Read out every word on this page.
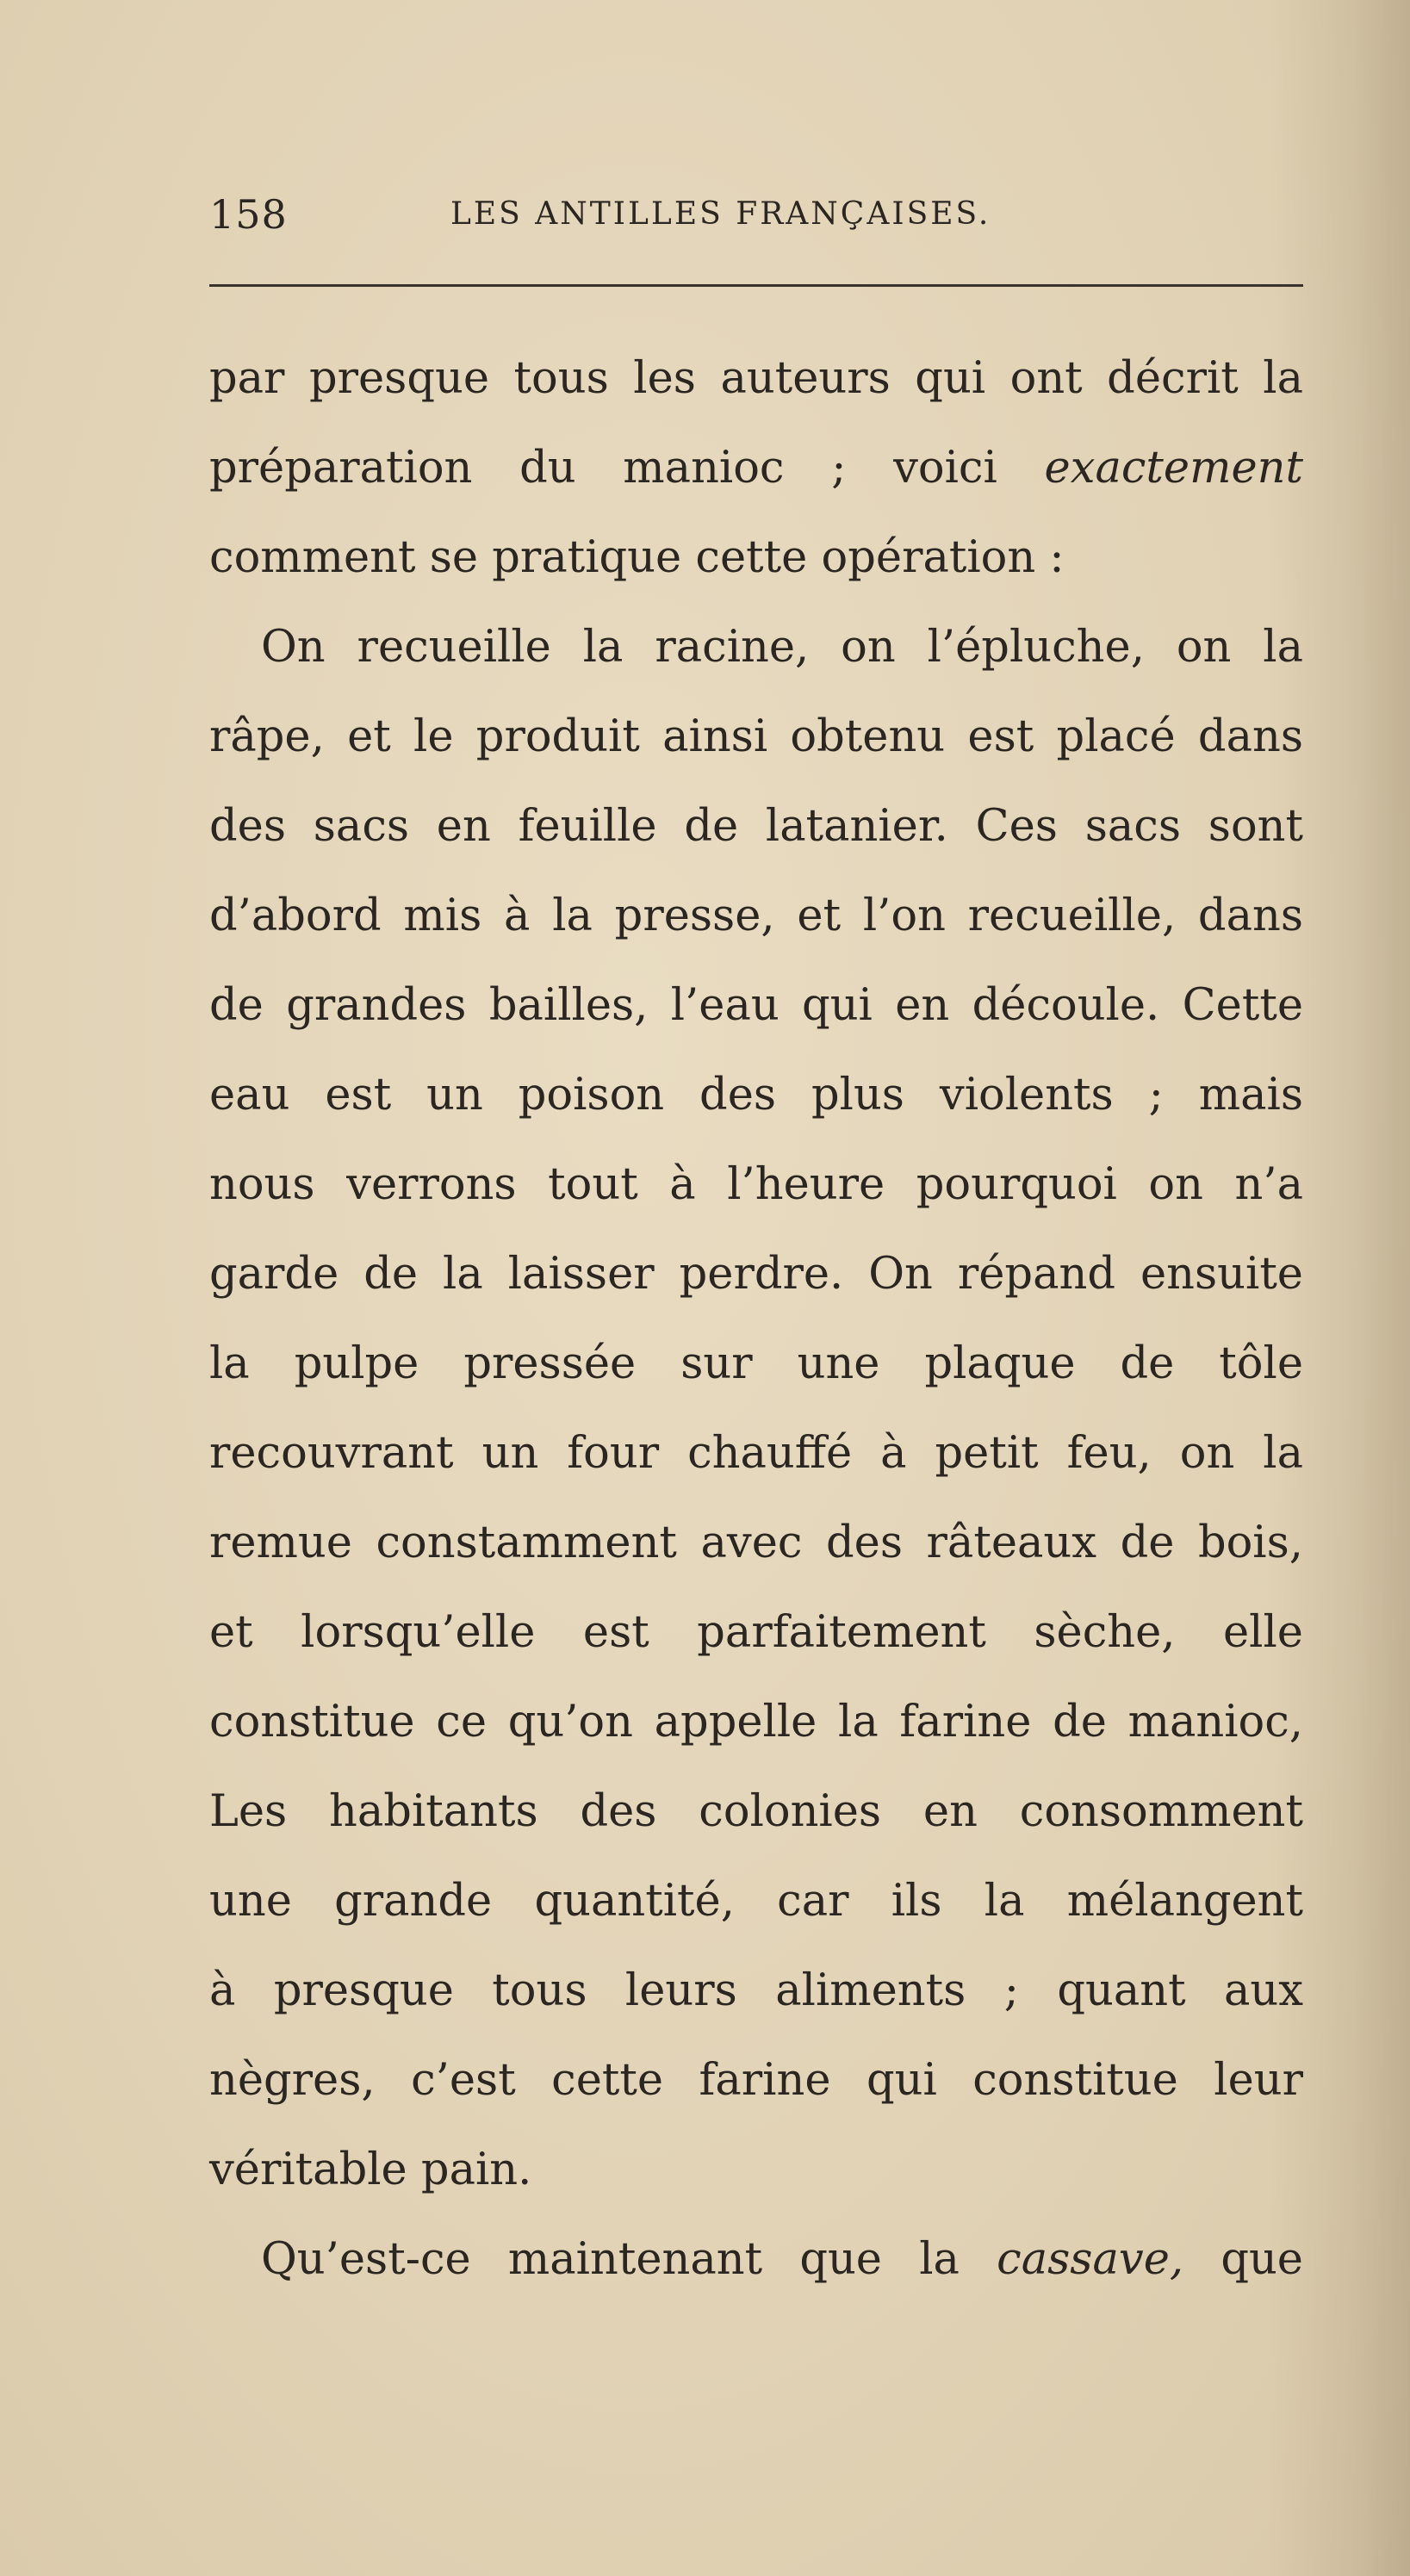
158	LES ANTILLES FRANÇAISES.
par presque tous les auteurs qui ont décrit la
préparation du manioc ; voici exactement
comment se pratique cette opération :
On recueille la racine, on l’épluche, on la
râpe, et le produit ainsi obtenu est placé dans
des sacs en feuille de latanier. Ces sacs sont
d’abord mis à la presse, et l’on recueille, dans
de grandes bailles, l’eau qui en découle. Cette
eau est un poison des plus violents ; mais
nous verrons tout à l’heure pourquoi on n’a
garde de la laisser perdre. On répand ensuite
la pulpe pressée sur une plaque de tôle
recouvrant un four chauffé à petit feu, on la
remue constamment avec des râteaux de bois,
et lorsqu’elle est parfaitement sèche, elle
constitue ce qu’on appelle la farine de manioc,
Les habitants des colonies en consomment
une grande quantité, car ils la mélangent
à presque tous leurs aliments ; quant aux
nègres, c’est cette farine qui constitue leur
véritable pain.
Qu’est-ce maintenant que la cassave, que
